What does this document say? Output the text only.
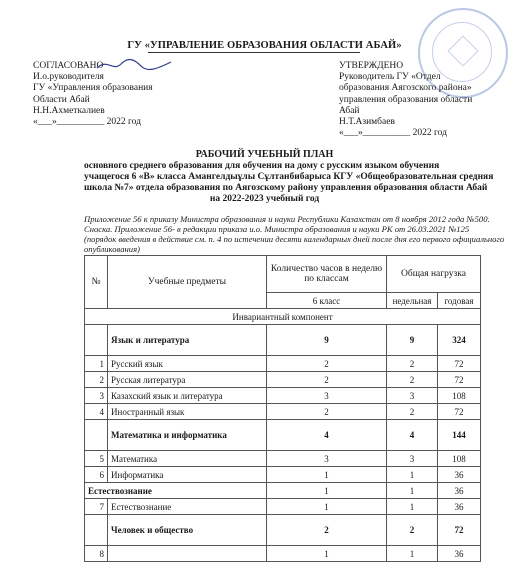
ГУ «УПРАВЛЕНИЕ ОБРАЗОВАНИЯ ОБЛАСТИ АБАЙ»
СОГЛАСОВАНО
И.о.руководителя
ГУ «Управления образования
Области Абай
Н.Н.Ахметкалиев
«___»__________ 2022 год
УТВЕРЖДЕНО
Руководитель ГУ «Отдел
образования Аягозского района»
управления образования области
Абай
Н.Т.Азимбаев
«___»__________ 2022 год
РАБОЧИЙ УЧЕБНЫЙ ПЛАН
основного среднего образования для обучения на дому с русским языком обучения
учащегося 6 «В» класса Амангелдыұлы Сұлтанбибарыса КГУ «Общеобразовательная средняя
школа №7» отдела образования по Аягозскому району управления образования области Абай
на 2022-2023 учебный год
Приложение 56 к приказу Министра образования и науки Республики Казахстан от 8 ноября 2012 года №500.
Сноска. Приложение 56- в редакции приказа и.о. Министра образования и науки РК от 26.03.2021 №125
(порядок введения в действие см. п. 4 по истечении десяти календарных дней после дня его первого официального
опубликования)
№	Учебные предметы	Количество часов в неделю по классам	Общая нагрузка	
		6 класс	недельная	годовая
Инвариантный компонент				
	Язык и литература	9	9	324
1	Русский язык	2	2	72
2	Русская литература	2	2	72
3	Казахский язык и литература	3	3	108
4	Иностранный язык	2	2	72
	Математика и информатика	4	4	144
5	Математика	3	3	108
6	Информатика	1	1	36
Естествознание		1	1	36
7	Естествознание	1	1	36
	Человек и общество	2	2	72
8		1	1	36
